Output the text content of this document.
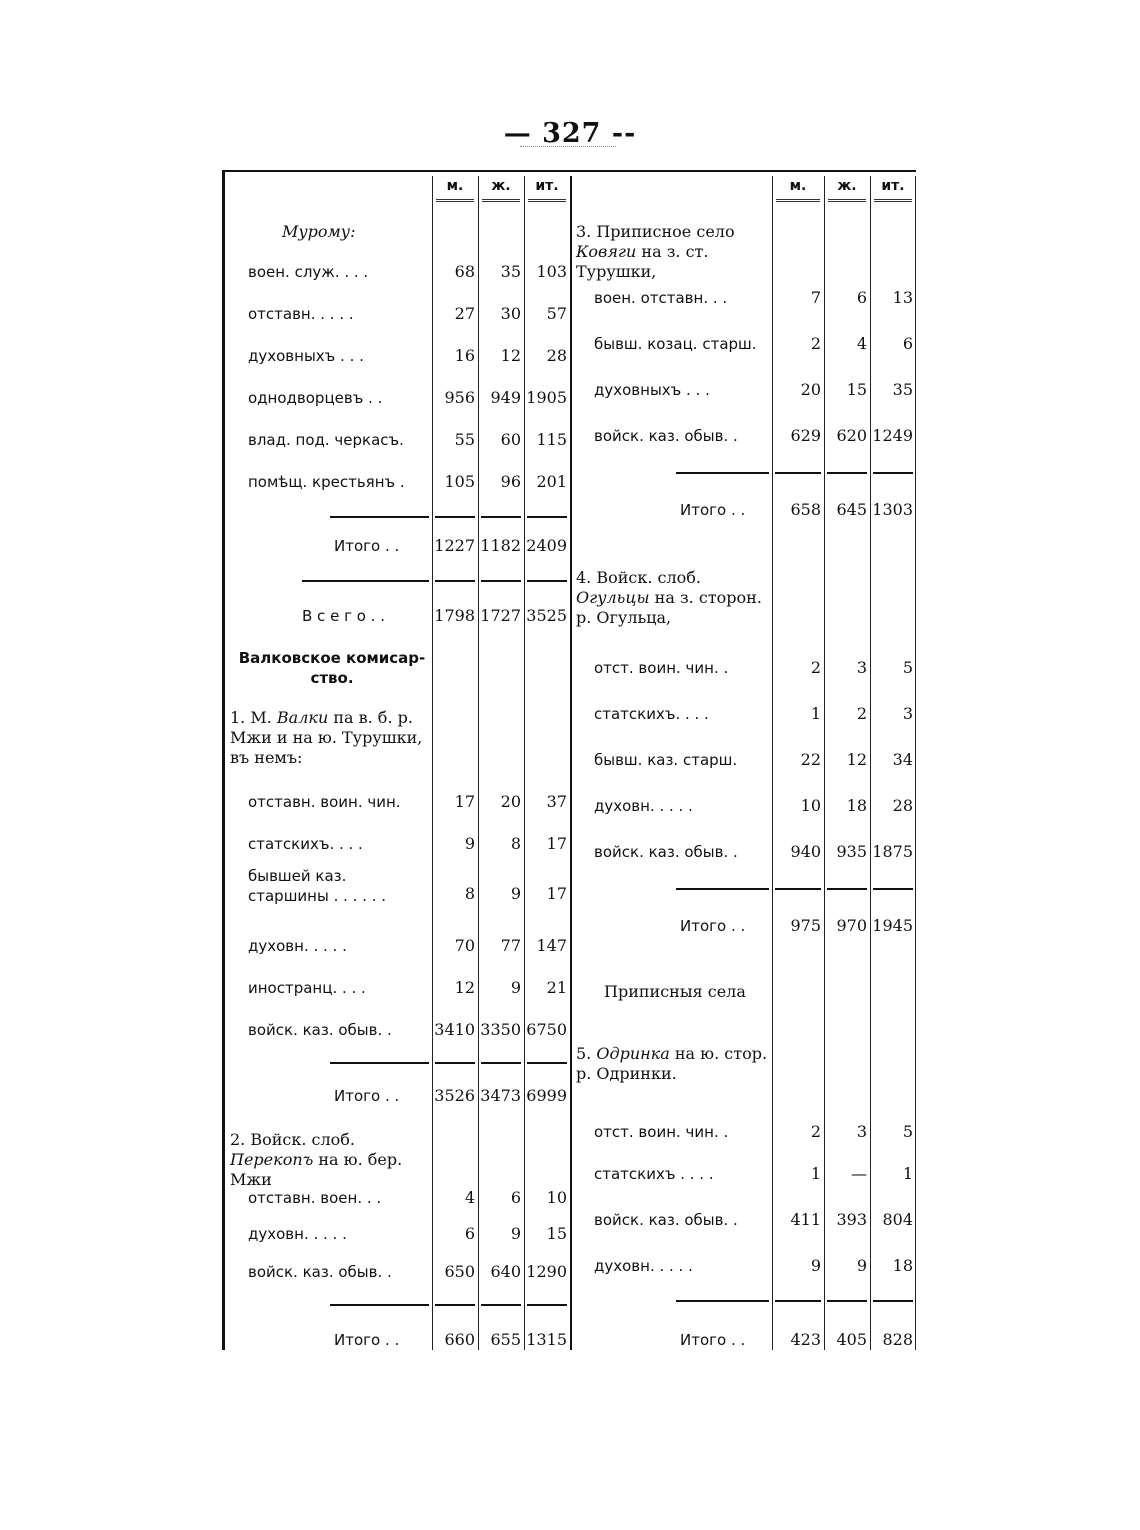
— 327 --
м.	ж.	ит.	м.	ж.	ит.
Мурому:
воен. служ. . . .	68	35 103
отставн. . . . .	27	30	57
духовныхъ . . .	16	12	28
однодворцевъ . .	956 949 1905
влад. под. черкасъ.	55	60 115
помѣщ. крестьянъ .	105	96 201
Итого . . 1227 1182 2409
В с е г о . .	1798 1727 3525
Валковское комисар- ство.
1. М. Валки па в. б. р. Мжи и на ю. Турушки, въ немъ:
отставн. воин. чин.	17	20	37
статскихъ. . . .	9	8	17
бывшей каз. старшины . . . . . .	8	9	17
духовн. . . . .	70	77 147
иностранц. . . .	12	9	21
войск. каз. обыв. .	3410 3350 6750
Итого . . 3526 3473 6999
2. Войск. слоб. Перекопъ на ю. бер. Мжи
отставн. воен. . .	4	6	10
духовн. . . . .	6	9	15
войск. каз. обыв. .	650 640 1290
Итого . .	660 655 1315
3. Приписное село Ковяги на з. ст. Турушки,
воен. отставн. . .	7	6	13
бывш. козац. старш.	2	4	6
духовныхъ . . .	20	15	35
войск. каз. обыв. .	629 620 1249
Итого . .	658 645 1303
4. Войск. слоб. Огульцы на з. сторон. р. Огульца,
отст. воин. чин. .	2	3	5
статскихъ. . . .	1	2	3
бывш. каз. старш.	22	12	34
духовн. . . . .	10	18	28
войск. каз. обыв. .	940 935 1875
Итого . .	975 970 1945
Приписныя села
5. Одринка на ю. стор. р. Одринки.
отст. воин. чин. .	2	3	5
статскихъ . . . .	1	—	1
войск. каз. обыв. .	411 393 804
духовн. . . . .	9	9	18
Итого . .	423 405 828
